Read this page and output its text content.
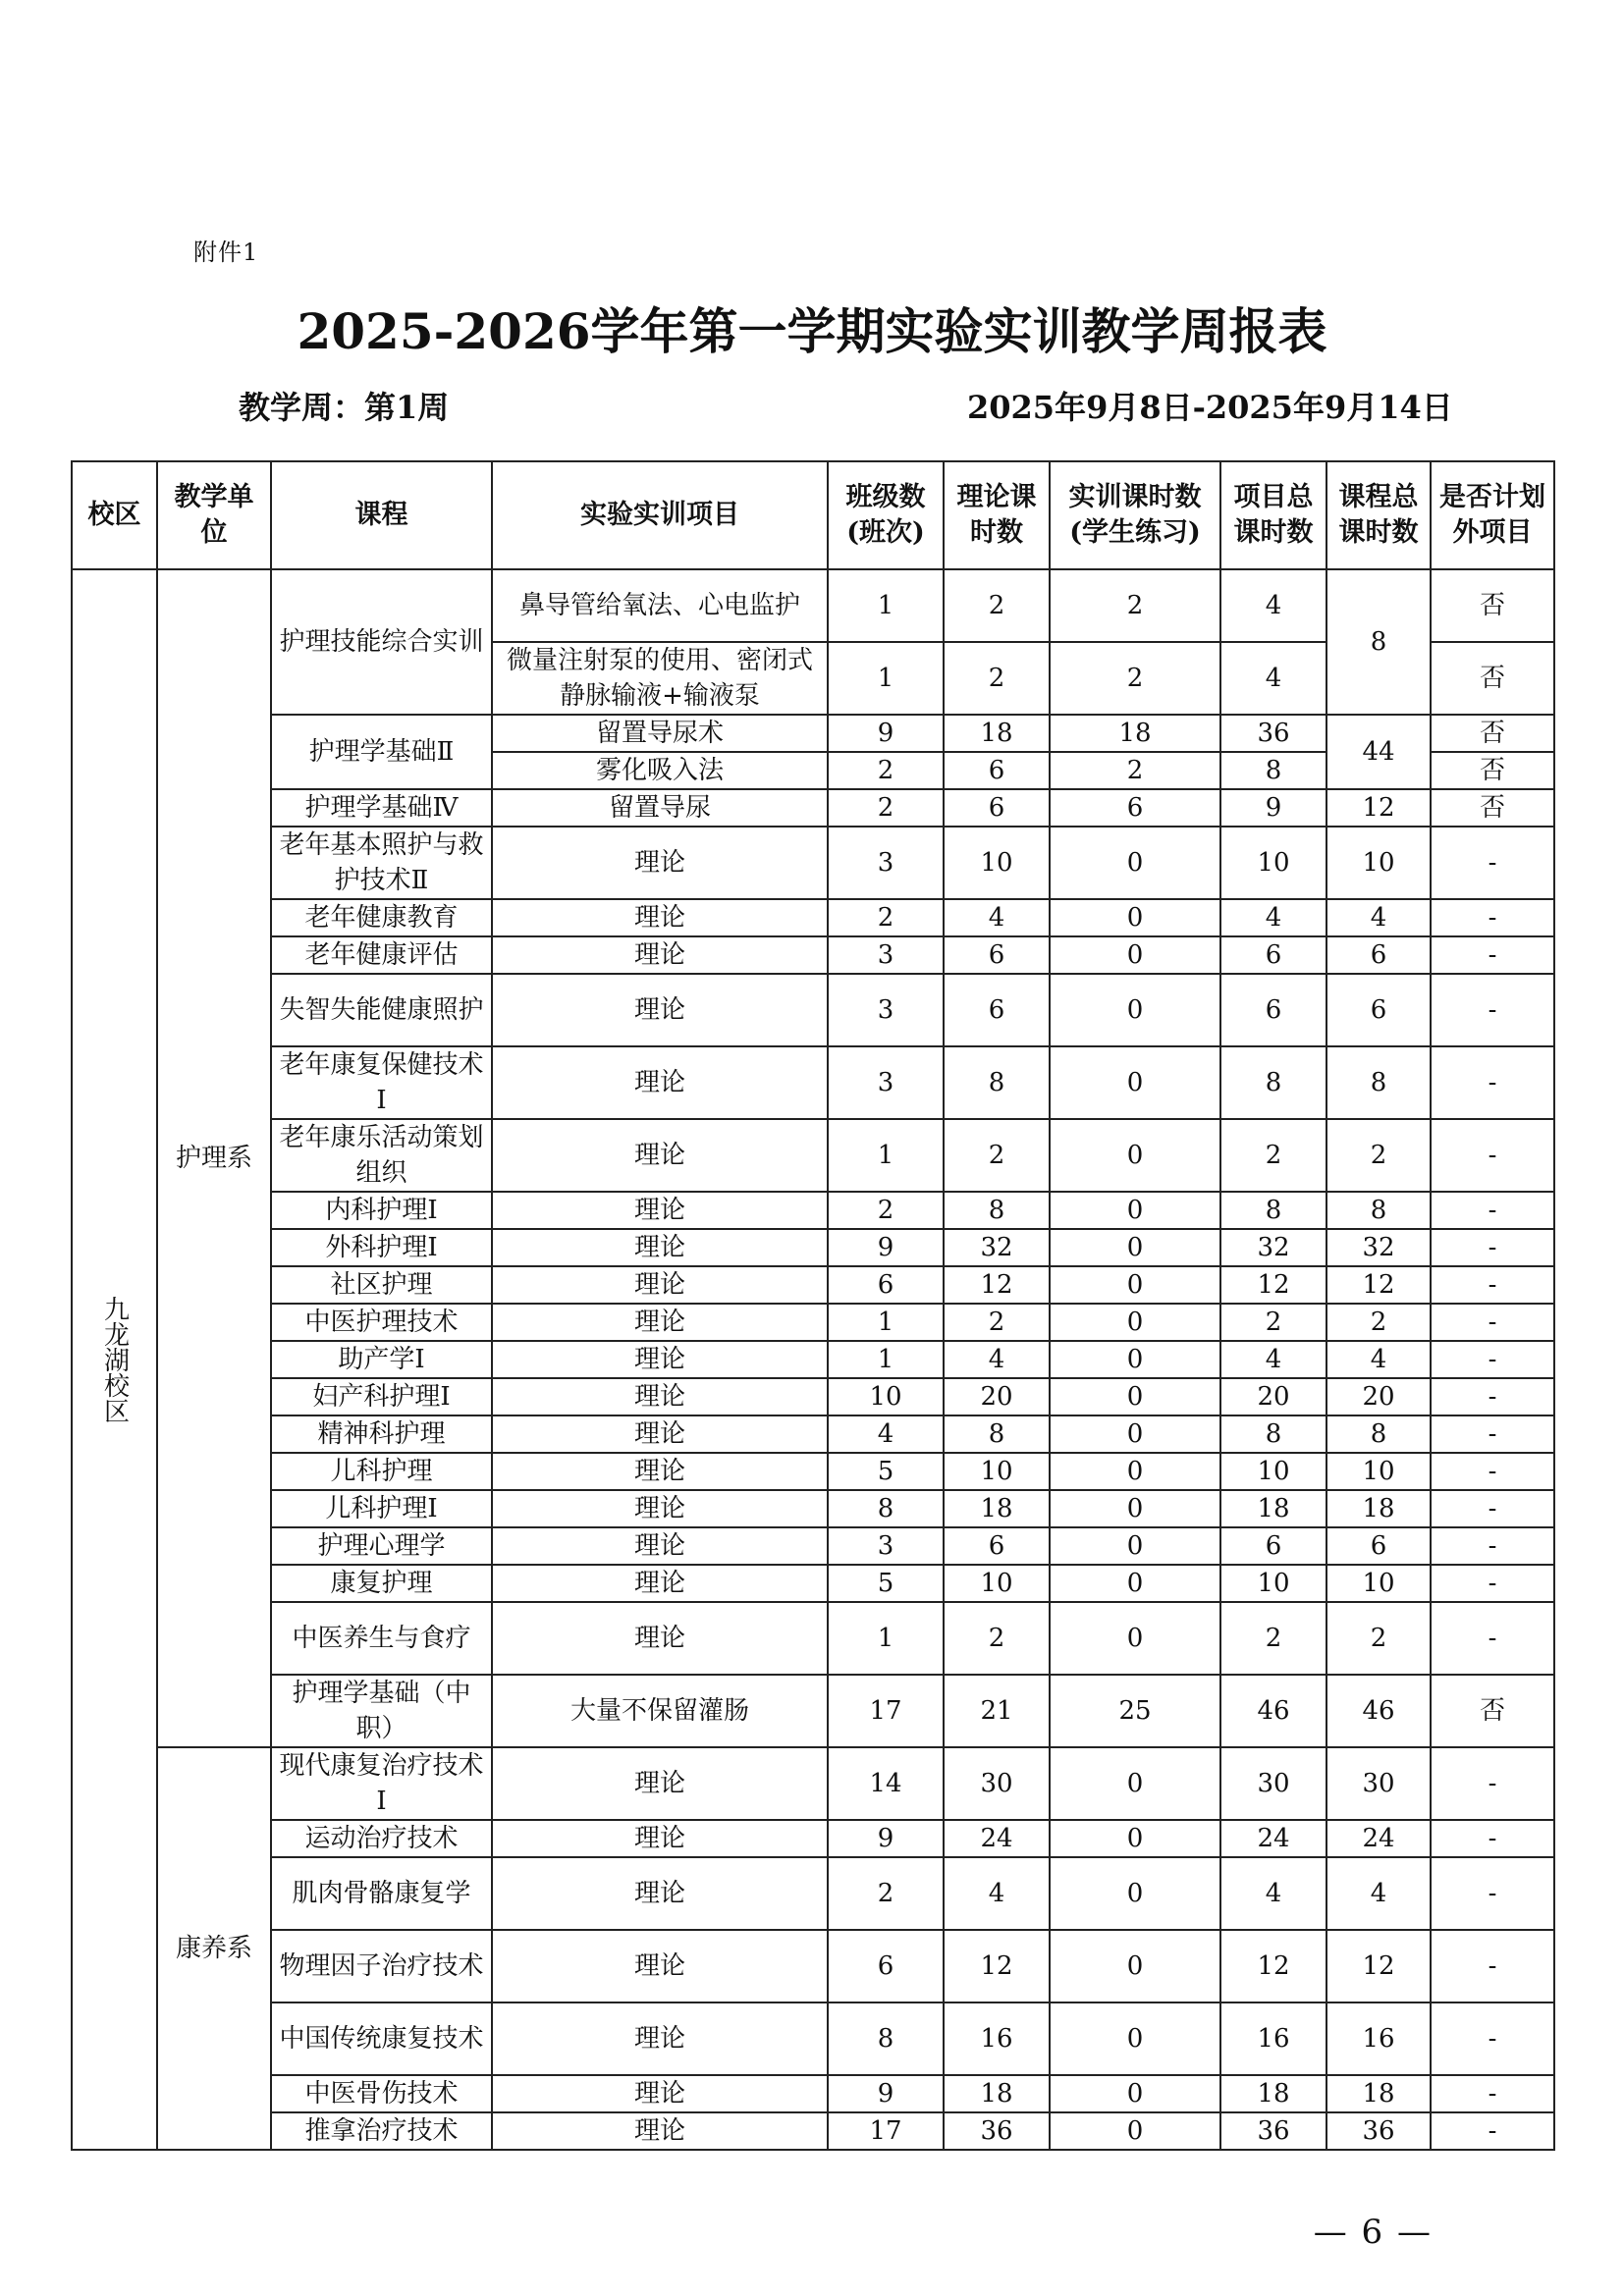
附件1
2025-2026学年第一学期实验实训教学周报表
教学周：第1周	2025年9月8日-2025年9月14日
校区	教学单位	课程	实验实训项目	班级数(班次)	理论课时数	实训课时数(学生练习)	项目总课时数	课程总课时数	是否计划外项目
九龙湖校区	护理系	护理技能综合实训	鼻导管给氧法、心电监护	1	2	2	4	8	否
			微量注射泵的使用、密闭式静脉输液+输液泵	1	2	2	4		否
		护理学基础Ⅱ	留置导尿术	9	18	18	36	44	否
			雾化吸入法	2	6	2	8		否
		护理学基础Ⅳ	留置导尿	2	6	6	9	12	否
		老年基本照护与救护技术Ⅱ	理论	3	10	0	10	10	-
		老年健康教育	理论	2	4	0	4	4	-
		老年健康评估	理论	3	6	0	6	6	-
		失智失能健康照护	理论	3	6	0	6	6	-
		老年康复保健技术Ⅰ	理论	3	8	0	8	8	-
		老年康乐活动策划组织	理论	1	2	0	2	2	-
		内科护理Ⅰ	理论	2	8	0	8	8	-
		外科护理Ⅰ	理论	9	32	0	32	32	-
		社区护理	理论	6	12	0	12	12	-
		中医护理技术	理论	1	2	0	2	2	-
		助产学Ⅰ	理论	1	4	0	4	4	-
		妇产科护理Ⅰ	理论	10	20	0	20	20	-
		精神科护理	理论	4	8	0	8	8	-
		儿科护理	理论	5	10	0	10	10	-
		儿科护理Ⅰ	理论	8	18	0	18	18	-
		护理心理学	理论	3	6	0	6	6	-
		康复护理	理论	5	10	0	10	10	-
		中医养生与食疗	理论	1	2	0	2	2	-
		护理学基础（中职）	大量不保留灌肠	17	21	25	46	46	否
	康养系	现代康复治疗技术Ⅰ	理论	14	30	0	30	30	-
		运动治疗技术	理论	9	24	0	24	24	-
		肌肉骨骼康复学	理论	2	4	0	4	4	-
		物理因子治疗技术	理论	6	12	0	12	12	-
		中国传统康复技术	理论	8	16	0	16	16	-
		中医骨伤技术	理论	9	18	0	18	18	-
		推拿治疗技术	理论	17	36	0	36	36	-
— 6 —
